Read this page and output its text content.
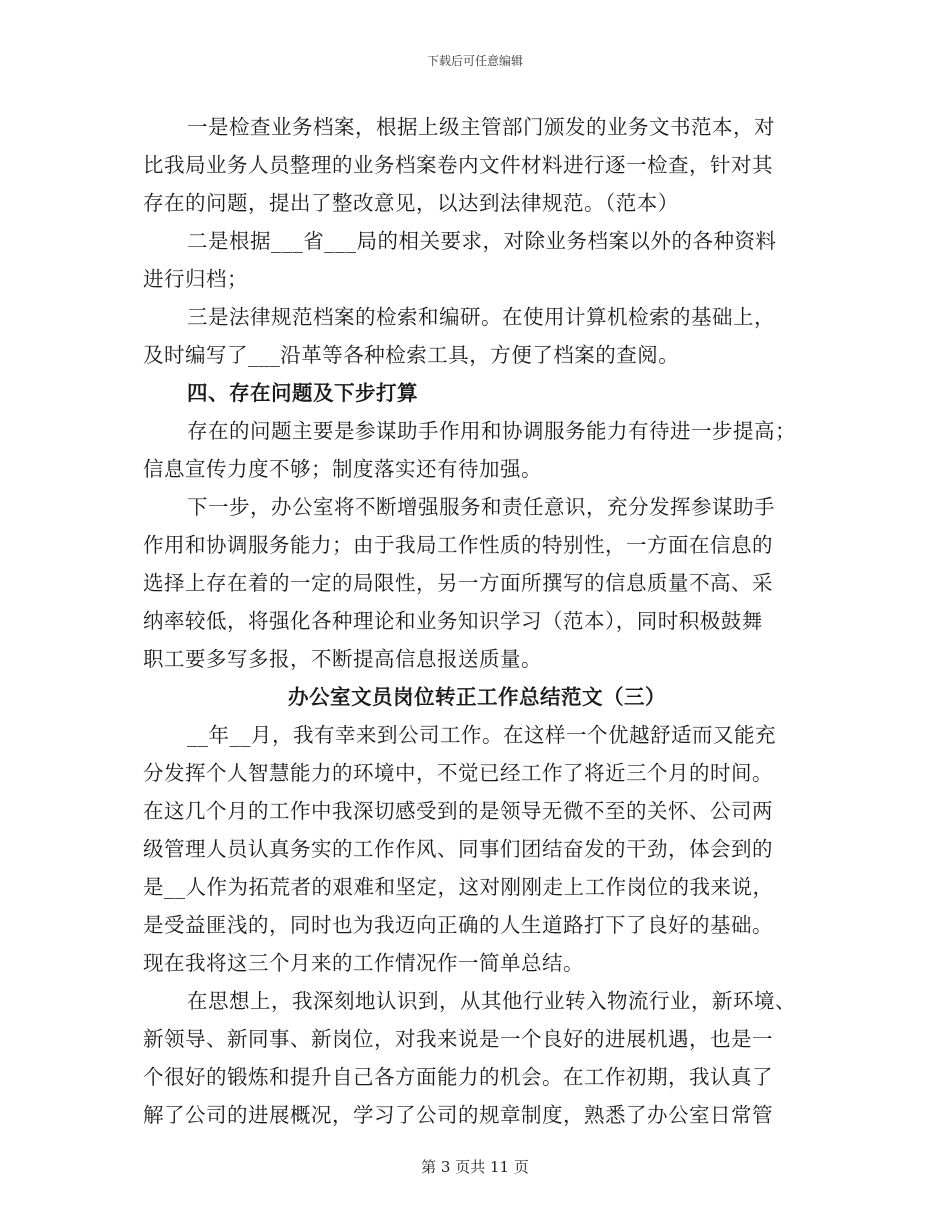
下载后可任意编辑
一是检查业务档案，根据上级主管部门颁发的业务文书范本，对
比我局业务人员整理的业务档案卷内文件材料进行逐一检查，针对其
存在的问题，提出了整改意见，以达到法律规范。（范本）
二是根据___省___局的相关要求，对除业务档案以外的各种资料
进行归档；
三是法律规范档案的检索和编研。在使用计算机检索的基础上，
及时编写了___沿革等各种检索工具，方便了档案的查阅。
四、存在问题及下步打算
存在的问题主要是参谋助手作用和协调服务能力有待进一步提高；
信息宣传力度不够；制度落实还有待加强。
下一步，办公室将不断增强服务和责任意识，充分发挥参谋助手
作用和协调服务能力；由于我局工作性质的特别性，一方面在信息的
选择上存在着的一定的局限性，另一方面所撰写的信息质量不高、采
纳率较低，将强化各种理论和业务知识学习（范本），同时积极鼓舞
职工要多写多报，不断提高信息报送质量。
办公室文员岗位转正工作总结范文（三）
__年__月，我有幸来到公司工作。在这样一个优越舒适而又能充
分发挥个人智慧能力的环境中，不觉已经工作了将近三个月的时间。
在这几个月的工作中我深切感受到的是领导无微不至的关怀、公司两
级管理人员认真务实的工作作风、同事们团结奋发的干劲，体会到的
是__人作为拓荒者的艰难和坚定，这对刚刚走上工作岗位的我来说，
是受益匪浅的，同时也为我迈向正确的人生道路打下了良好的基础。
现在我将这三个月来的工作情况作一简单总结。
在思想上，我深刻地认识到，从其他行业转入物流行业，新环境、
新领导、新同事、新岗位，对我来说是一个良好的进展机遇，也是一
个很好的锻炼和提升自己各方面能力的机会。在工作初期，我认真了
解了公司的进展概况，学习了公司的规章制度，熟悉了办公室日常管
第 3 页共 11 页
